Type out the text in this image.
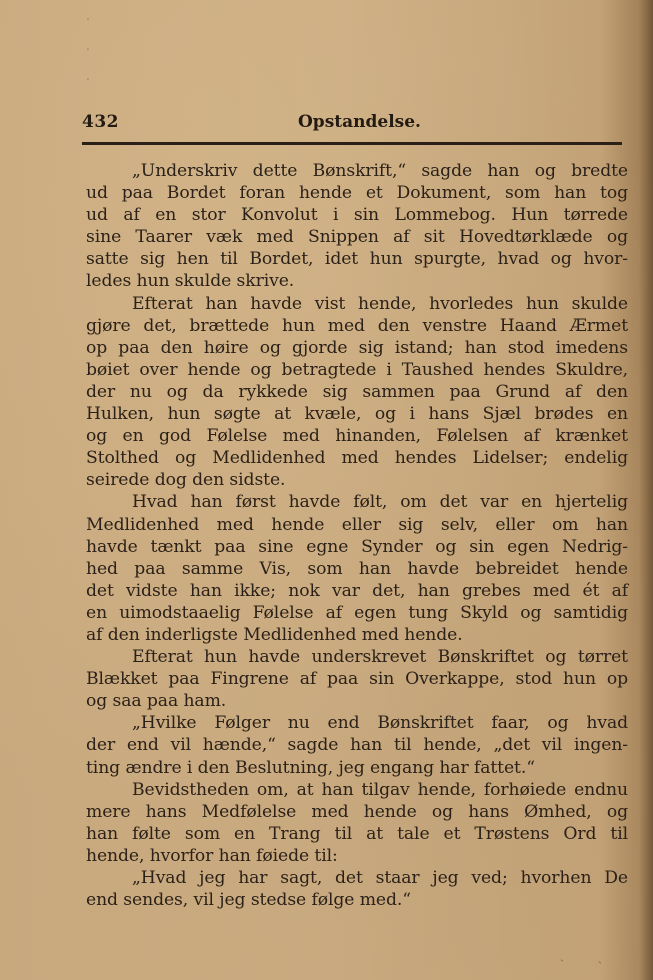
·
·
·
432	Opstandelse.
„Underskriv dette Bønskrift,“ sagde han og bredte
ud paa Bordet foran hende et Dokument, som han tog
ud af en stor Konvolut i sin Lommebog. Hun tørrede
sine Taarer væk med Snippen af sit Hovedtørklæde og
satte sig hen til Bordet, idet hun spurgte, hvad og hvor-
ledes hun skulde skrive.
Efterat han havde vist hende, hvorledes hun skulde
gjøre det, brættede hun med den venstre Haand Ærmet
op paa den høire og gjorde sig istand; han stod imedens
bøiet over hende og betragtede i Taushed hendes Skuldre,
der nu og da rykkede sig sammen paa Grund af den
Hulken, hun søgte at kvæle, og i hans Sjæl brødes en
og en god Følelse med hinanden, Følelsen af krænket
Stolthed og Medlidenhed med hendes Lidelser; endelig
seirede dog den sidste.
Hvad han først havde følt, om det var en hjertelig
Medlidenhed med hende eller sig selv, eller om han
havde tænkt paa sine egne Synder og sin egen Nedrig-
hed paa samme Vis, som han havde bebreidet hende
det vidste han ikke; nok var det, han grebes med ét af
en uimodstaaelig Følelse af egen tung Skyld og samtidig
af den inderligste Medlidenhed med hende.
Efterat hun havde underskrevet Bønskriftet og tørret
Blækket paa Fingrene af paa sin Overkappe, stod hun op
og saa paa ham.
„Hvilke Følger nu end Bønskriftet faar, og hvad
der end vil hænde,“ sagde han til hende, „det vil ingen-
ting ændre i den Beslutning, jeg engang har fattet.“
Bevidstheden om, at han tilgav hende, forhøiede endnu
mere hans Medfølelse med hende og hans Ømhed, og
han følte som en Trang til at tale et Trøstens Ord til
hende, hvorfor han føiede til:
„Hvad jeg har sagt, det staar jeg ved; hvorhen De
end sendes, vil jeg stedse følge med.“
ˎ	ˎ
